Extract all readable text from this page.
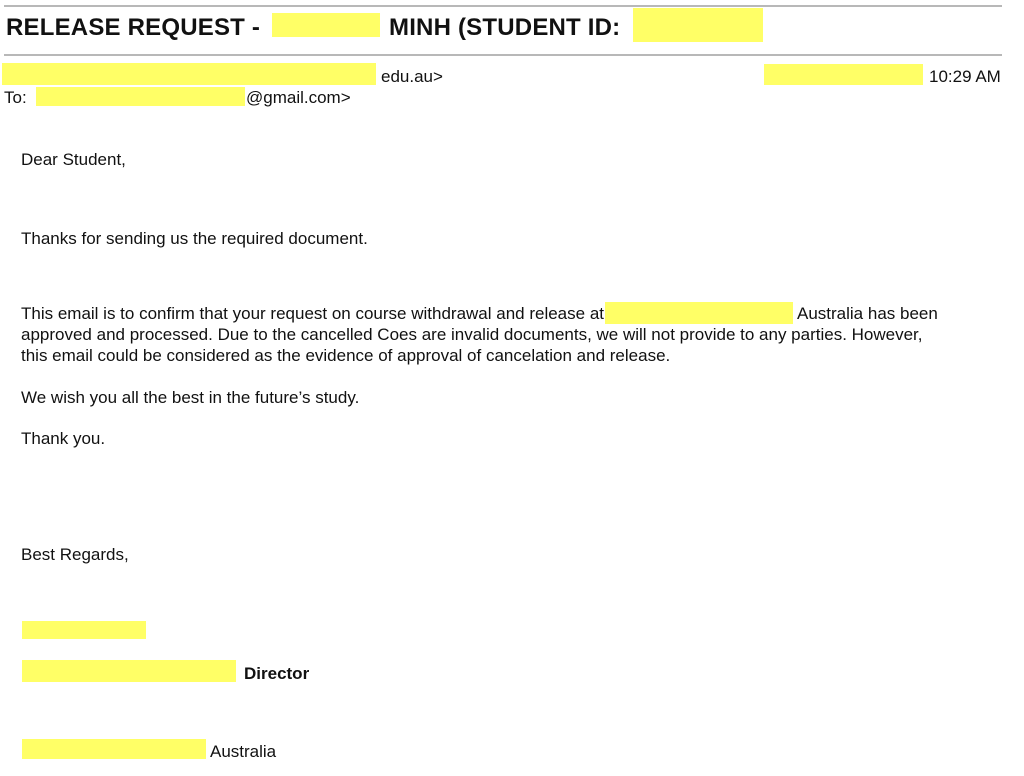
RELEASE REQUEST -	MINH (STUDENT ID:
edu.au>	10:29 AM
To:	@gmail.com>
Dear Student,
Thanks for sending us the required document.
This email is to confirm that your request on course withdrawal and release at	Australia has been
approved and processed. Due to the cancelled Coes are invalid documents, we will not provide to any parties. However,
this email could be considered as the evidence of approval of cancelation and release.
We wish you all the best in the future’s study.
Thank you.
Best Regards,
Director
Australia
